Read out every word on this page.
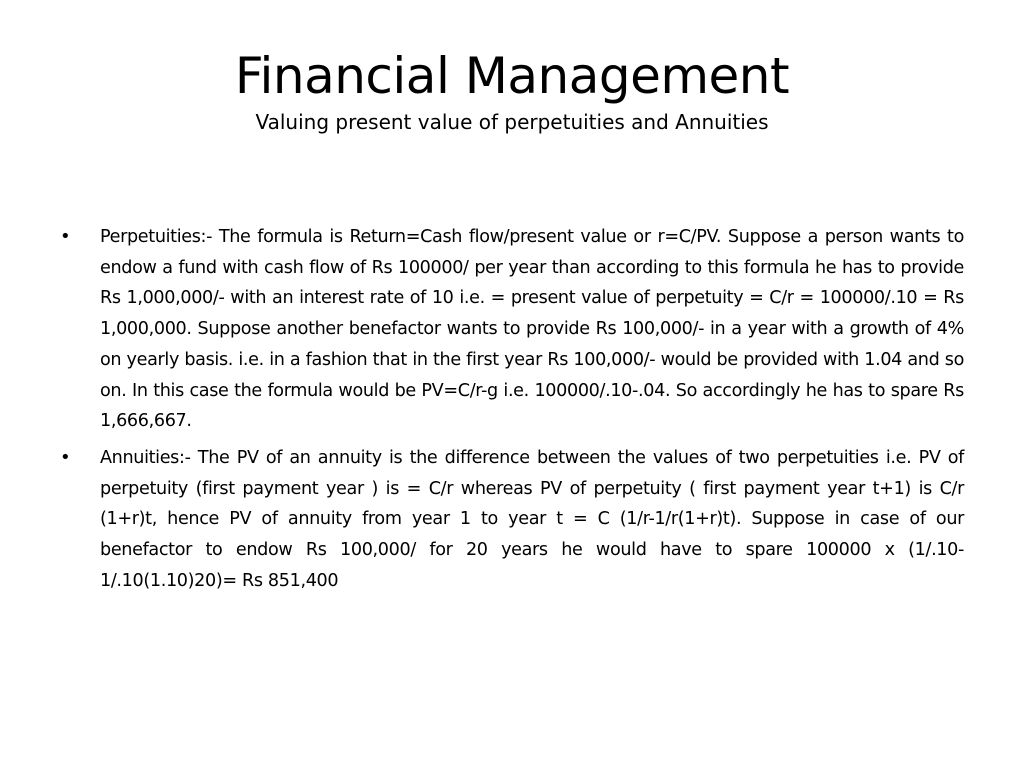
Financial Management
Valuing present value of perpetuities and Annuities
• Perpetuities:- The formula is Return=Cash flow/present value or r=C/PV. Suppose a person wants to endow a fund with cash flow of Rs 100000/ per year than according to this formula he has to provide Rs 1,000,000/- with an interest rate of 10 i.e. = present value of perpetuity = C/r = 100000/.10 = Rs 1,000,000. Suppose another benefactor wants to provide Rs 100,000/- in a year with a growth of 4% on yearly basis. i.e. in a fashion that in the first year Rs 100,000/- would be provided with 1.04 and so on. In this case the formula would be PV=C/r-g i.e. 100000/.10-.04. So accordingly he has to spare Rs 1,666,667.
• Annuities:- The PV of an annuity is the difference between the values of two perpetuities i.e. PV of perpetuity (first payment year ) is = C/r whereas PV of perpetuity ( first payment year t+1) is C/r (1+r)t, hence PV of annuity from year 1 to year t = C (1/r-1/r(1+r)t). Suppose in case of our benefactor to endow Rs 100,000/ for 20 years he would have to spare 100000 x (1/.10-1/.10(1.10)20)= Rs 851,400
